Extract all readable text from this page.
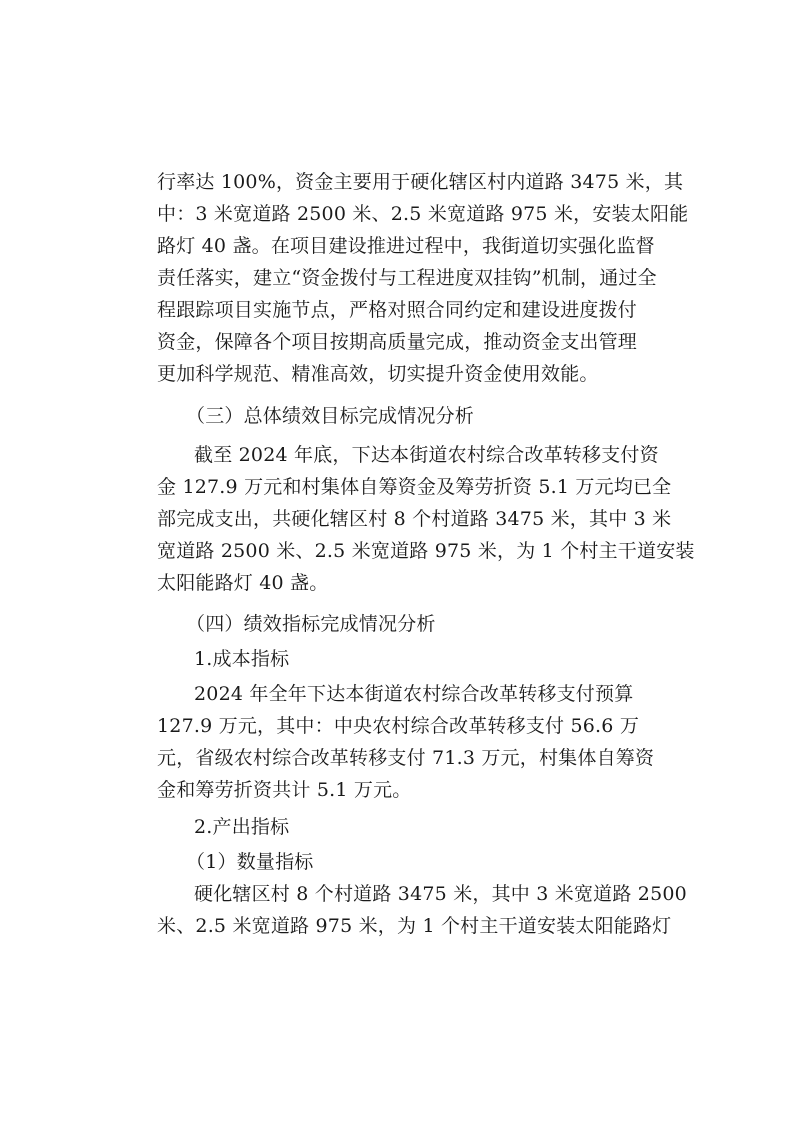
行率达 100%，资金主要用于硬化辖区村内道路 3475 米，其
中：3 米宽道路 2500 米、2.5 米宽道路 975 米，安装太阳能
路灯 40 盏。在项目建设推进过程中，我街道切实强化监督
责任落实，建立“资金拨付与工程进度双挂钩”机制，通过全
程跟踪项目实施节点，严格对照合同约定和建设进度拨付
资金，保障各个项目按期高质量完成，推动资金支出管理
更加科学规范、精准高效，切实提升资金使用效能。
（三）总体绩效目标完成情况分析
截至 2024 年底，下达本街道农村综合改革转移支付资
金 127.9 万元和村集体自筹资金及筹劳折资 5.1 万元均已全
部完成支出，共硬化辖区村 8 个村道路 3475 米，其中 3 米
宽道路 2500 米、2.5 米宽道路 975 米，为 1 个村主干道安装
太阳能路灯 40 盏。
（四）绩效指标完成情况分析
1.成本指标
2024 年全年下达本街道农村综合改革转移支付预算
127.9 万元，其中：中央农村综合改革转移支付 56.6 万
元，省级农村综合改革转移支付 71.3 万元，村集体自筹资
金和筹劳折资共计 5.1 万元。
2.产出指标
（1）数量指标
硬化辖区村 8 个村道路 3475 米，其中 3 米宽道路 2500
米、2.5 米宽道路 975 米，为 1 个村主干道安装太阳能路灯
